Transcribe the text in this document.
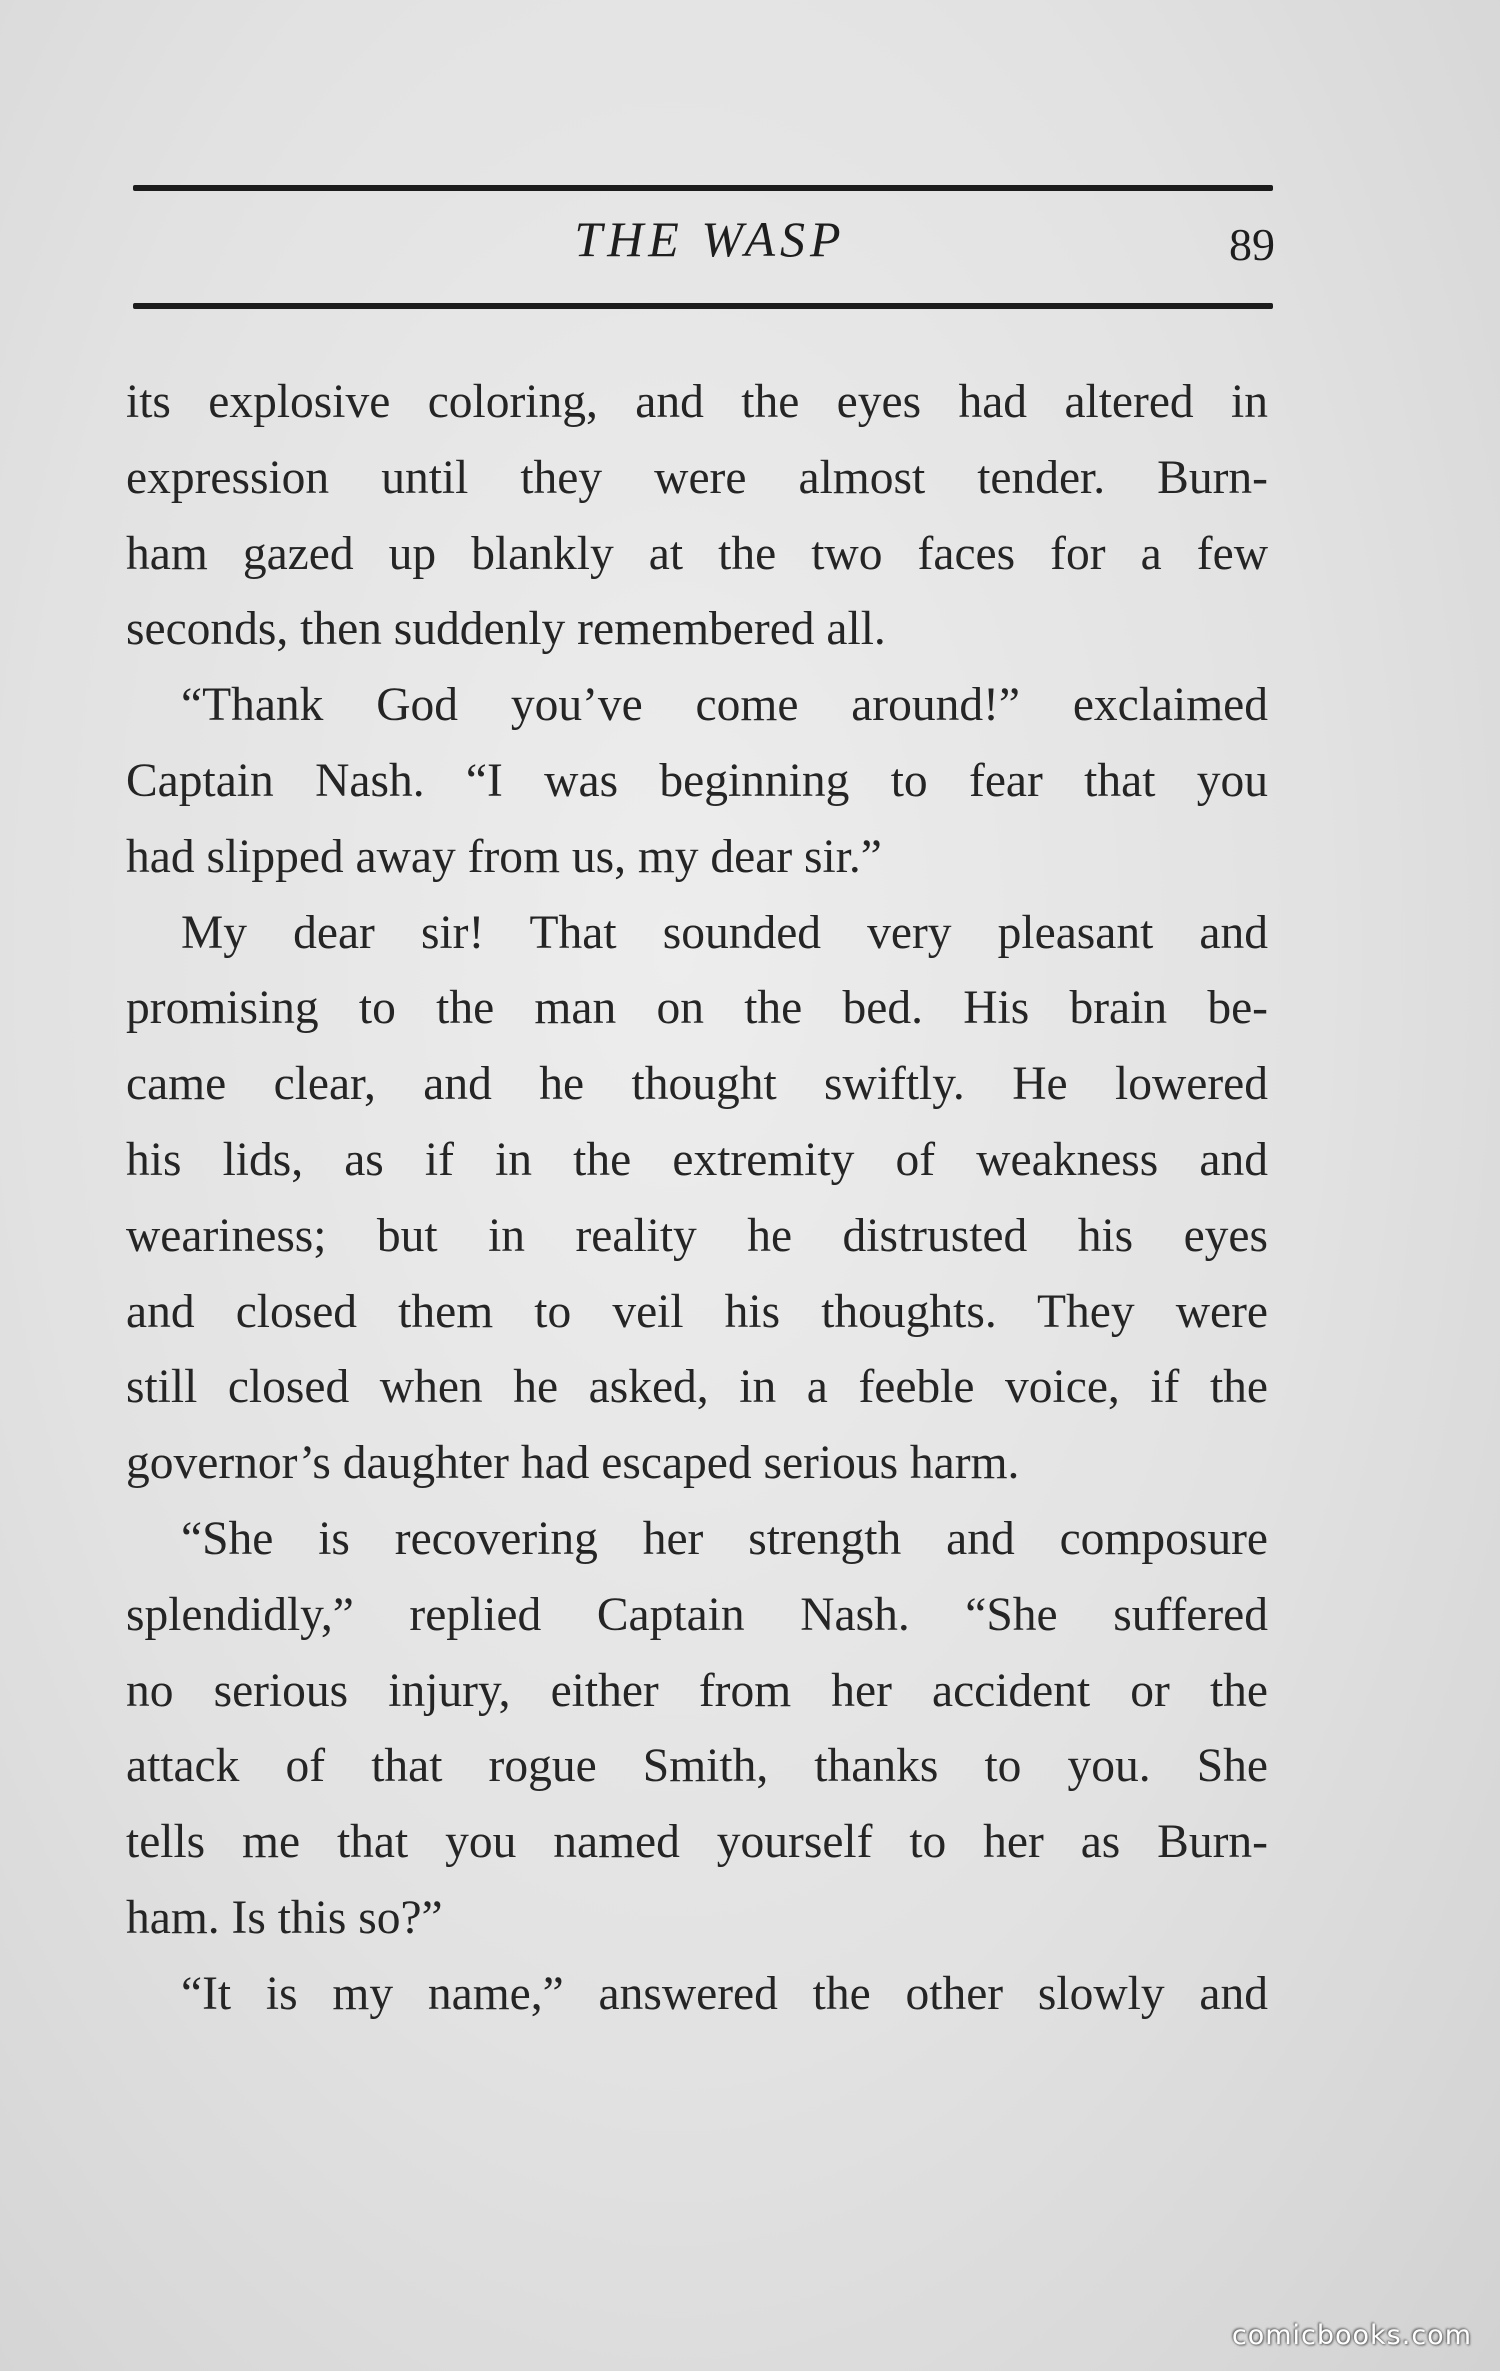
THE WASP	89
its explosive coloring, and the eyes had altered in
expression until they were almost tender. Burn-
ham gazed up blankly at the two faces for a few
seconds, then suddenly remembered all.
“Thank God you’ve come around!” exclaimed
Captain Nash. “I was beginning to fear that you
had slipped away from us, my dear sir.”
My dear sir! That sounded very pleasant and
promising to the man on the bed. His brain be-
came clear, and he thought swiftly. He lowered
his lids, as if in the extremity of weakness and
weariness; but in reality he distrusted his eyes
and closed them to veil his thoughts. They were
still closed when he asked, in a feeble voice, if the
governor’s daughter had escaped serious harm.
“She is recovering her strength and composure
splendidly,” replied Captain Nash. “She suffered
no serious injury, either from her accident or the
attack of that rogue Smith, thanks to you. She
tells me that you named yourself to her as Burn-
ham. Is this so?”
“It is my name,” answered the other slowly and
comicbooks.com
